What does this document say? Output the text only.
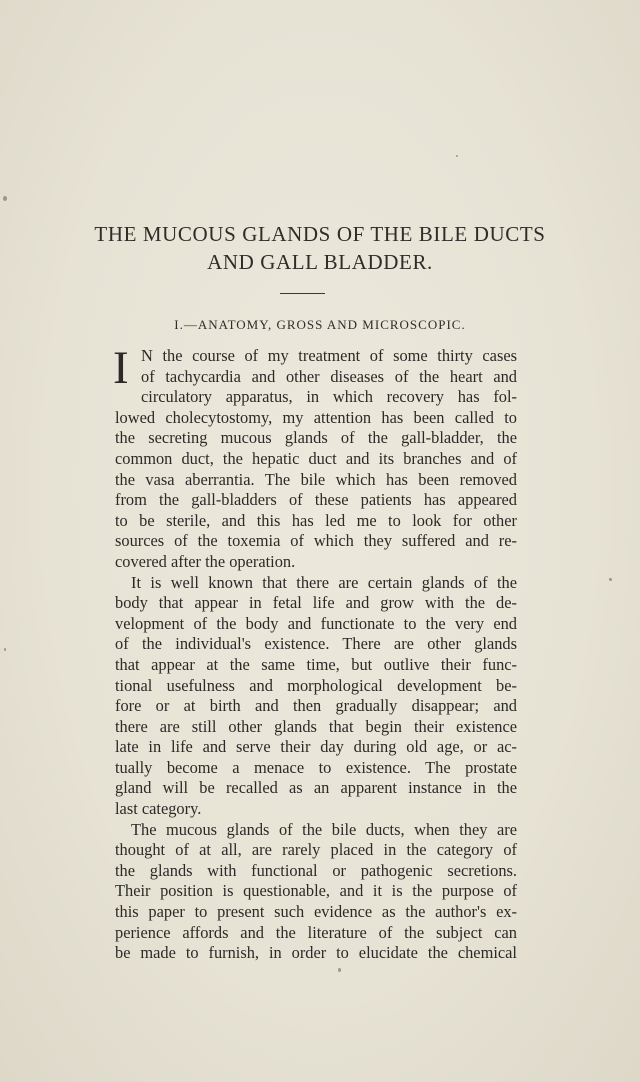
THE MUCOUS GLANDS OF THE BILE DUCTS
AND GALL BLADDER.
I.—ANATOMY, GROSS AND MICROSCOPIC.
I N the course of my treatment of some thirty cases
of tachycardia and other diseases of the heart and
circulatory apparatus, in which recovery has fol-
lowed cholecytostomy, my attention has been called to
the secreting mucous glands of the gall-bladder, the
common duct, the hepatic duct and its branches and of
the vasa aberrantia. The bile which has been removed
from the gall-bladders of these patients has appeared
to be sterile, and this has led me to look for other
sources of the toxemia of which they suffered and re-
covered after the operation.
It is well known that there are certain glands of the
body that appear in fetal life and grow with the de-
velopment of the body and functionate to the very end
of the individual's existence. There are other glands
that appear at the same time, but outlive their func-
tional usefulness and morphological development be-
fore or at birth and then gradually disappear; and
there are still other glands that begin their existence
late in life and serve their day during old age, or ac-
tually become a menace to existence. The prostate
gland will be recalled as an apparent instance in the
last category.
The mucous glands of the bile ducts, when they are
thought of at all, are rarely placed in the category of
the glands with functional or pathogenic secretions.
Their position is questionable, and it is the purpose of
this paper to present such evidence as the author's ex-
perience affords and the literature of the subject can
be made to furnish, in order to elucidate the chemical
